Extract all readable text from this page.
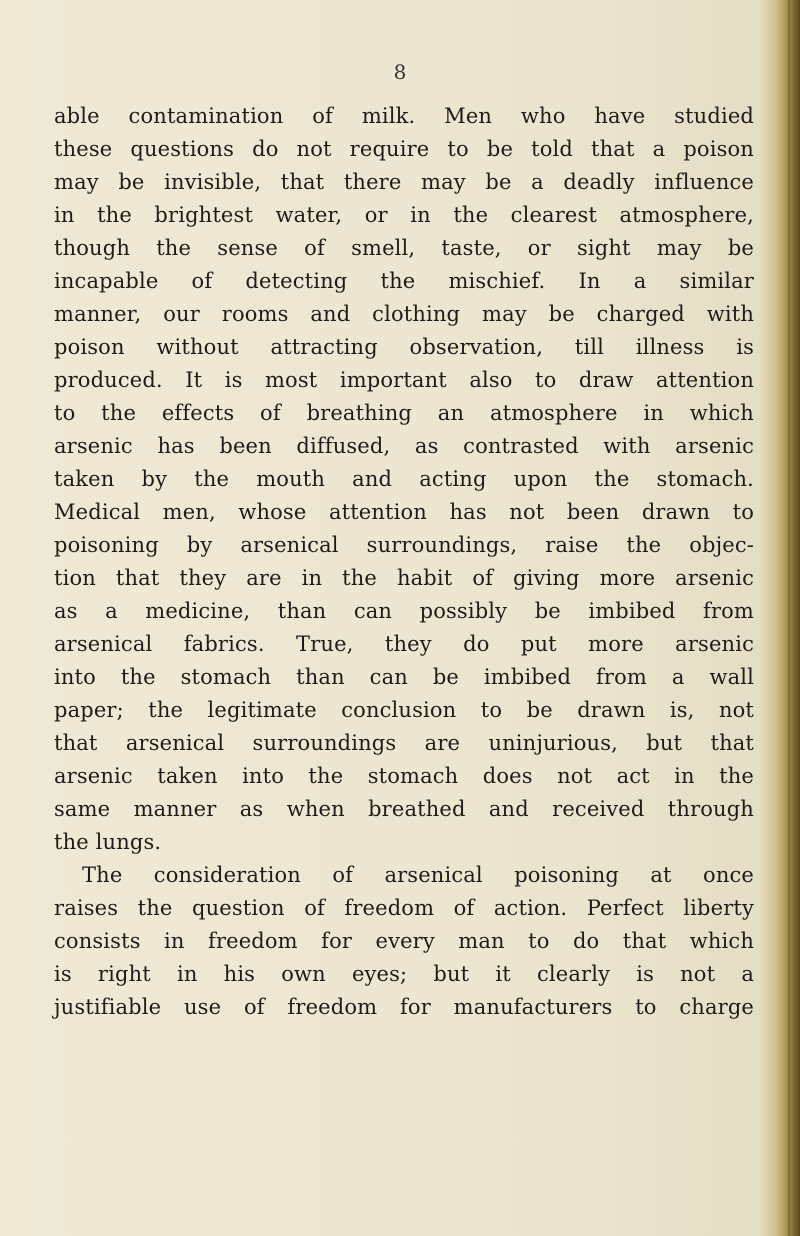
8
able contamination of milk. Men who have studied
these questions do not require to be told that a poison
may be invisible, that there may be a deadly influence
in the brightest water, or in the clearest atmosphere,
though the sense of smell, taste, or sight may be
incapable of detecting the mischief. In a similar
manner, our rooms and clothing may be charged with
poison without attracting observation, till illness is
produced. It is most important also to draw attention
to the effects of breathing an atmosphere in which
arsenic has been diffused, as contrasted with arsenic
taken by the mouth and acting upon the stomach.
Medical men, whose attention has not been drawn to
poisoning by arsenical surroundings, raise the objec-
tion that they are in the habit of giving more arsenic
as a medicine, than can possibly be imbibed from
arsenical fabrics. True, they do put more arsenic
into the stomach than can be imbibed from a wall
paper; the legitimate conclusion to be drawn is, not
that arsenical surroundings are uninjurious, but that
arsenic taken into the stomach does not act in the
same manner as when breathed and received through
the lungs.
The consideration of arsenical poisoning at once
raises the question of freedom of action. Perfect liberty
consists in freedom for every man to do that which
is right in his own eyes; but it clearly is not a
justifiable use of freedom for manufacturers to charge
